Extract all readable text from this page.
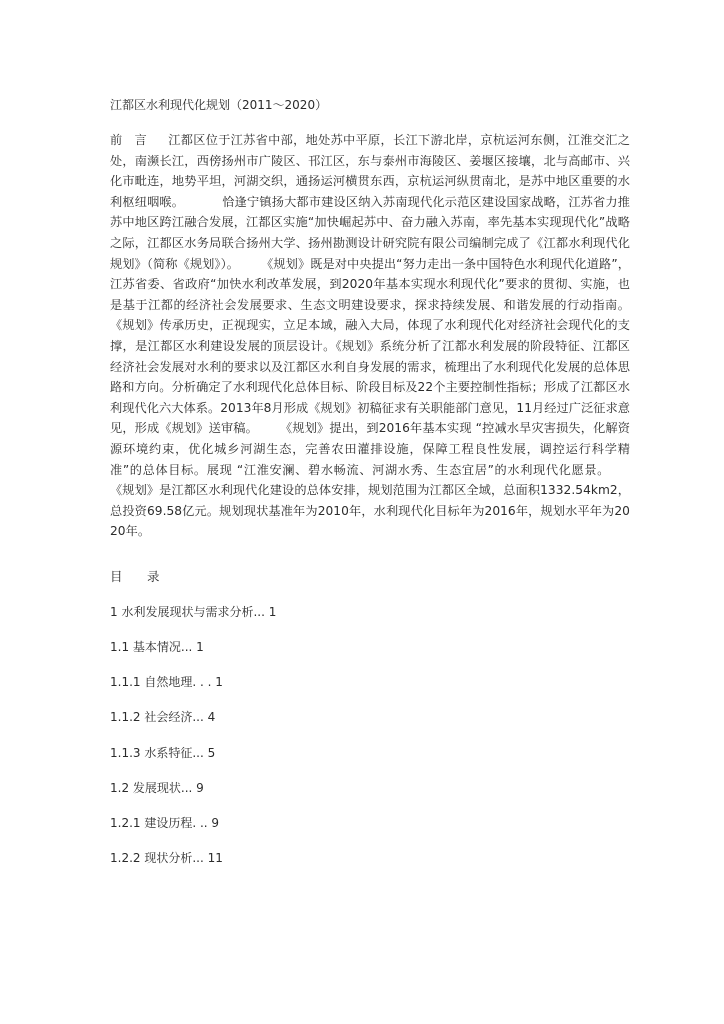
江都区水利现代化规划（2011～2020）

前　言 江都区位于江苏省中部，地处苏中平原，长江下游北岸，京杭运河东侧，江淮交汇之处，南濒长江，西傍扬州市广陵区、邗江区，东与泰州市海陵区、姜堰区接壤，北与高邮市、兴化市毗连，地势平坦，河湖交织，通扬运河横贯东西，京杭运河纵贯南北，是苏中地区重要的水利枢纽咽喉。	恰逢宁镇扬大都市建设区纳入苏南现代化示范区建设国家战略，江苏省力推苏中地区跨江融合发展，江都区实施“加快崛起苏中、奋力融入苏南，率先基本实现现代化”战略之际，江都区水务局联合扬州大学、扬州勘测设计研究院有限公司编制完成了《江都水利现代化规划》（简称《规划》）。 《规划》既是对中央提出“努力走出一条中国特色水利现代化道路”，江苏省委、省政府“加快水利改革发展，到2020年基本实现水利现代化”要求的贯彻、实施，也是基于江都的经济社会发展要求、生态文明建设要求，探求持续发展、和谐发展的行动指南。《规划》传承历史，正视现实，立足本域，融入大局，体现了水利现代化对经济社会现代化的支撑，是江都区水利建设发展的顶层设计。《规划》系统分析了江都水利发展的阶段特征、江都区经济社会发展对水利的要求以及江都区水利自身发展的需求，梳理出了水利现代化发展的总体思路和方向。分析确定了水利现代化总体目标、阶段目标及22个主要控制性指标；形成了江都区水利现代化六大体系。2013年8月形成《规划》初稿征求有关职能部门意见，11月经过广泛征求意见，形成《规划》送审稿。 《规划》提出，到2016年基本实现 “控减水旱灾害损失，化解资源环境约束，优化城乡河湖生态，完善农田灌排设施，保障工程良性发展，调控运行科学精准”的总体目标。展现 “江淮安澜、碧水畅流、河湖水秀、生态宜居”的水利现代化愿景。《规划》是江都区水利现代化建设的总体安排，规划范围为江都区全域，总面积1332.54km2，总投资69.58亿元。规划现状基准年为2010年，水利现代化目标年为2016年，规划水平年为2020年。

目　录
1 水利发展现状与需求分析... 1
1.1 基本情况... 1
1.1.1 自然地理. . . 1
1.1.2 社会经济... 4
1.1.3 水系特征... 5
1.2 发展现状... 9
1.2.1 建设历程. .. 9
1.2.2 现状分析... 11
